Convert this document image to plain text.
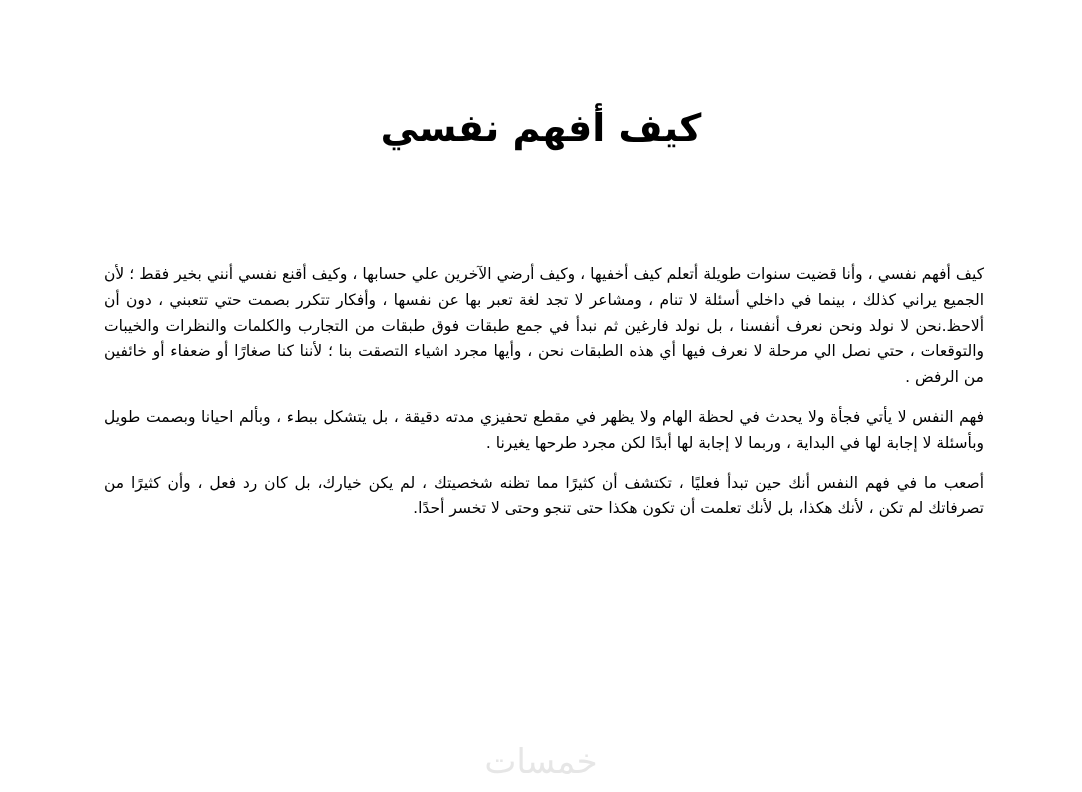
كيف أفهم نفسي

كيف أفهم نفسي ، وأنا قضيت سنوات طويلة أتعلم كيف أخفيها ، وكيف أرضي الآخرين علي حسابها ، وكيف أقنع نفسي أنني بخير فقط ؛ لأن الجميع يراني كذلك ، بينما في داخلي أسئلة لا تنام ، ومشاعر لا تجد لغة تعبر بها عن نفسها ، وأفكار تتكرر بصمت حتي تتعبني ، دون أن ألاحظ.نحن لا نولد ونحن نعرف أنفسنا ، بل نولد فارغين ثم نبدأ في جمع طبقات فوق طبقات من التجارب والكلمات والنظرات والخيبات والتوقعات ، حتي نصل الي مرحلة لا نعرف فيها أي هذه الطبقات نحن ، وأيها مجرد اشياء التصقت بنا ؛ لأننا كنا صغارًا أو ضعفاء أو خائفين من الرفض .

فهم النفس لا يأتي فجأة ولا يحدث في لحظة الهام ولا يظهر في مقطع تحفيزي مدته دقيقة ، بل يتشكل ببطء ، وبألم احيانا وبصمت طويل وبأسئلة لا إجابة لها في البداية ، وربما لا إجابة لها أبدًا لكن مجرد طرحها يغيرنا .

أصعب ما في فهم النفس أنك حين تبدأ فعليًا ، تكتشف أن كثيرًا مما تظنه شخصيتك ، لم يكن خيارك، بل كان رد فعل ، وأن كثيرًا من تصرفاتك لم تكن ، لأنك هكذا، بل لأنك تعلمت أن تكون هكذا حتى تنجو وحتى لا تخسر أحدًا.

خمسات
